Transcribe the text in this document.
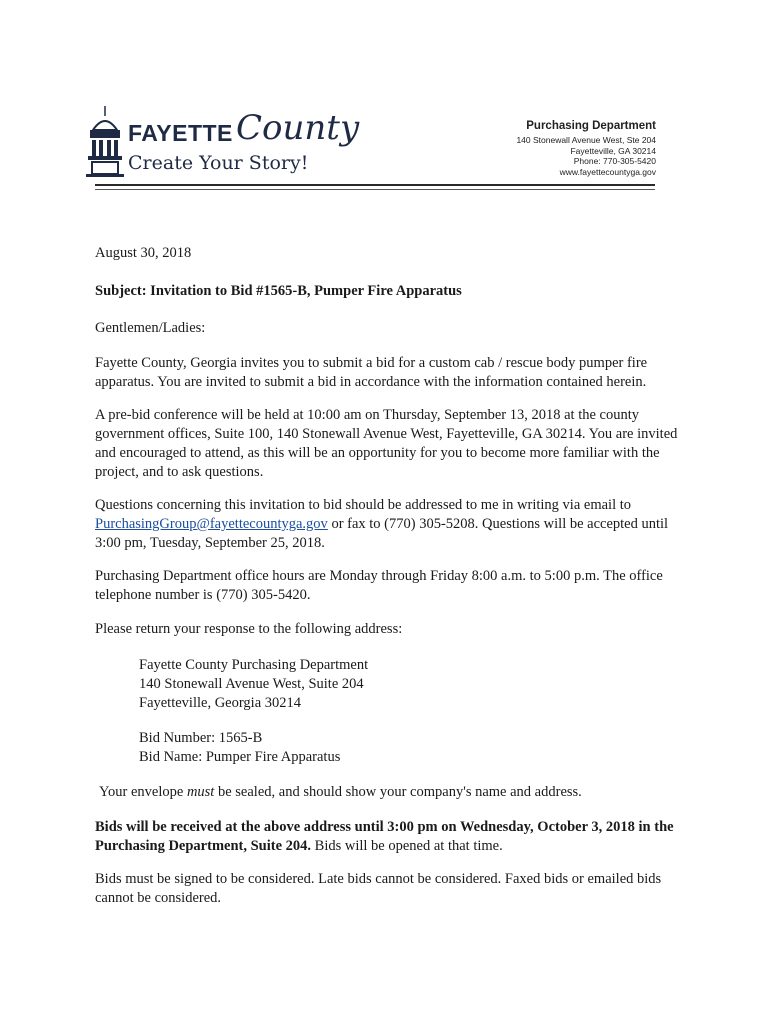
FAYETTE County
Create Your Story!
Purchasing Department
140 Stonewall Avenue West, Ste 204
Fayetteville, GA 30214
Phone: 770-305-5420
www.fayettecountyga.gov

August 30, 2018

Subject: Invitation to Bid #1565-B, Pumper Fire Apparatus

Gentlemen/Ladies:

Fayette County, Georgia invites you to submit a bid for a custom cab / rescue body pumper fire apparatus. You are invited to submit a bid in accordance with the information contained herein.

A pre-bid conference will be held at 10:00 am on Thursday, September 13, 2018 at the county government offices, Suite 100, 140 Stonewall Avenue West, Fayetteville, GA 30214. You are invited and encouraged to attend, as this will be an opportunity for you to become more familiar with the project, and to ask questions.

Questions concerning this invitation to bid should be addressed to me in writing via email to PurchasingGroup@fayettecountyga.gov or fax to (770) 305-5208. Questions will be accepted until 3:00 pm, Tuesday, September 25, 2018.

Purchasing Department office hours are Monday through Friday 8:00 a.m. to 5:00 p.m. The office telephone number is (770) 305-5420.

Please return your response to the following address:

Fayette County Purchasing Department

140 Stonewall Avenue West, Suite 204

Fayetteville, Georgia 30214

Bid Number: 1565-B

Bid Name: Pumper Fire Apparatus

Your envelope must be sealed, and should show your company's name and address.

Bids will be received at the above address until 3:00 pm on Wednesday, October 3, 2018 in the Purchasing Department, Suite 204. Bids will be opened at that time.

Bids must be signed to be considered. Late bids cannot be considered. Faxed bids or emailed bids cannot be considered.
